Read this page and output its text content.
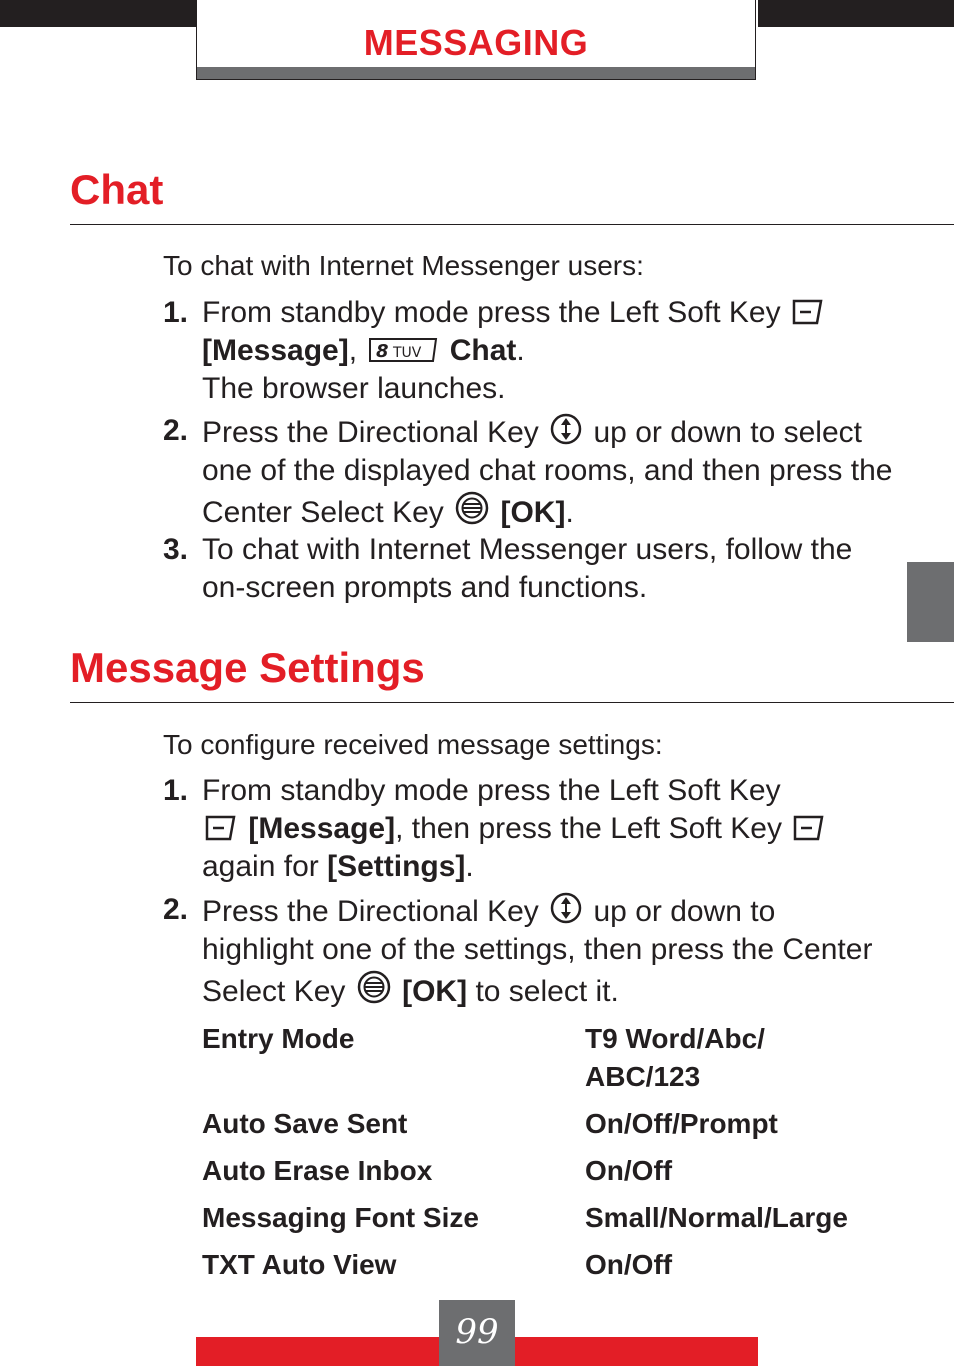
MESSAGING
Chat

To chat with Internet Messenger users:

1. From standby mode press the Left Soft Key
[Message], 8 TUV Chat.
The browser launches.
2. Press the Directional Key up or down to select one of the displayed chat rooms, and then press the Center Select Key [OK].
3. To chat with Internet Messenger users, follow the on-screen prompts and functions.
Message Settings

To configure received message settings:

1. From standby mode press the Left Soft Key
[Message], then press the Left Soft Key
again for [Settings].
2. Press the Directional Key up or down to highlight one of the settings, then press the Center Select Key [OK] to select it.
Entry Mode	T9 Word/Abc/
ABC/123
Auto Save Sent	On/Off/Prompt
Auto Erase Inbox	On/Off
Messaging Font Size	Small/Normal/Large
TXT Auto View	On/Off
99
